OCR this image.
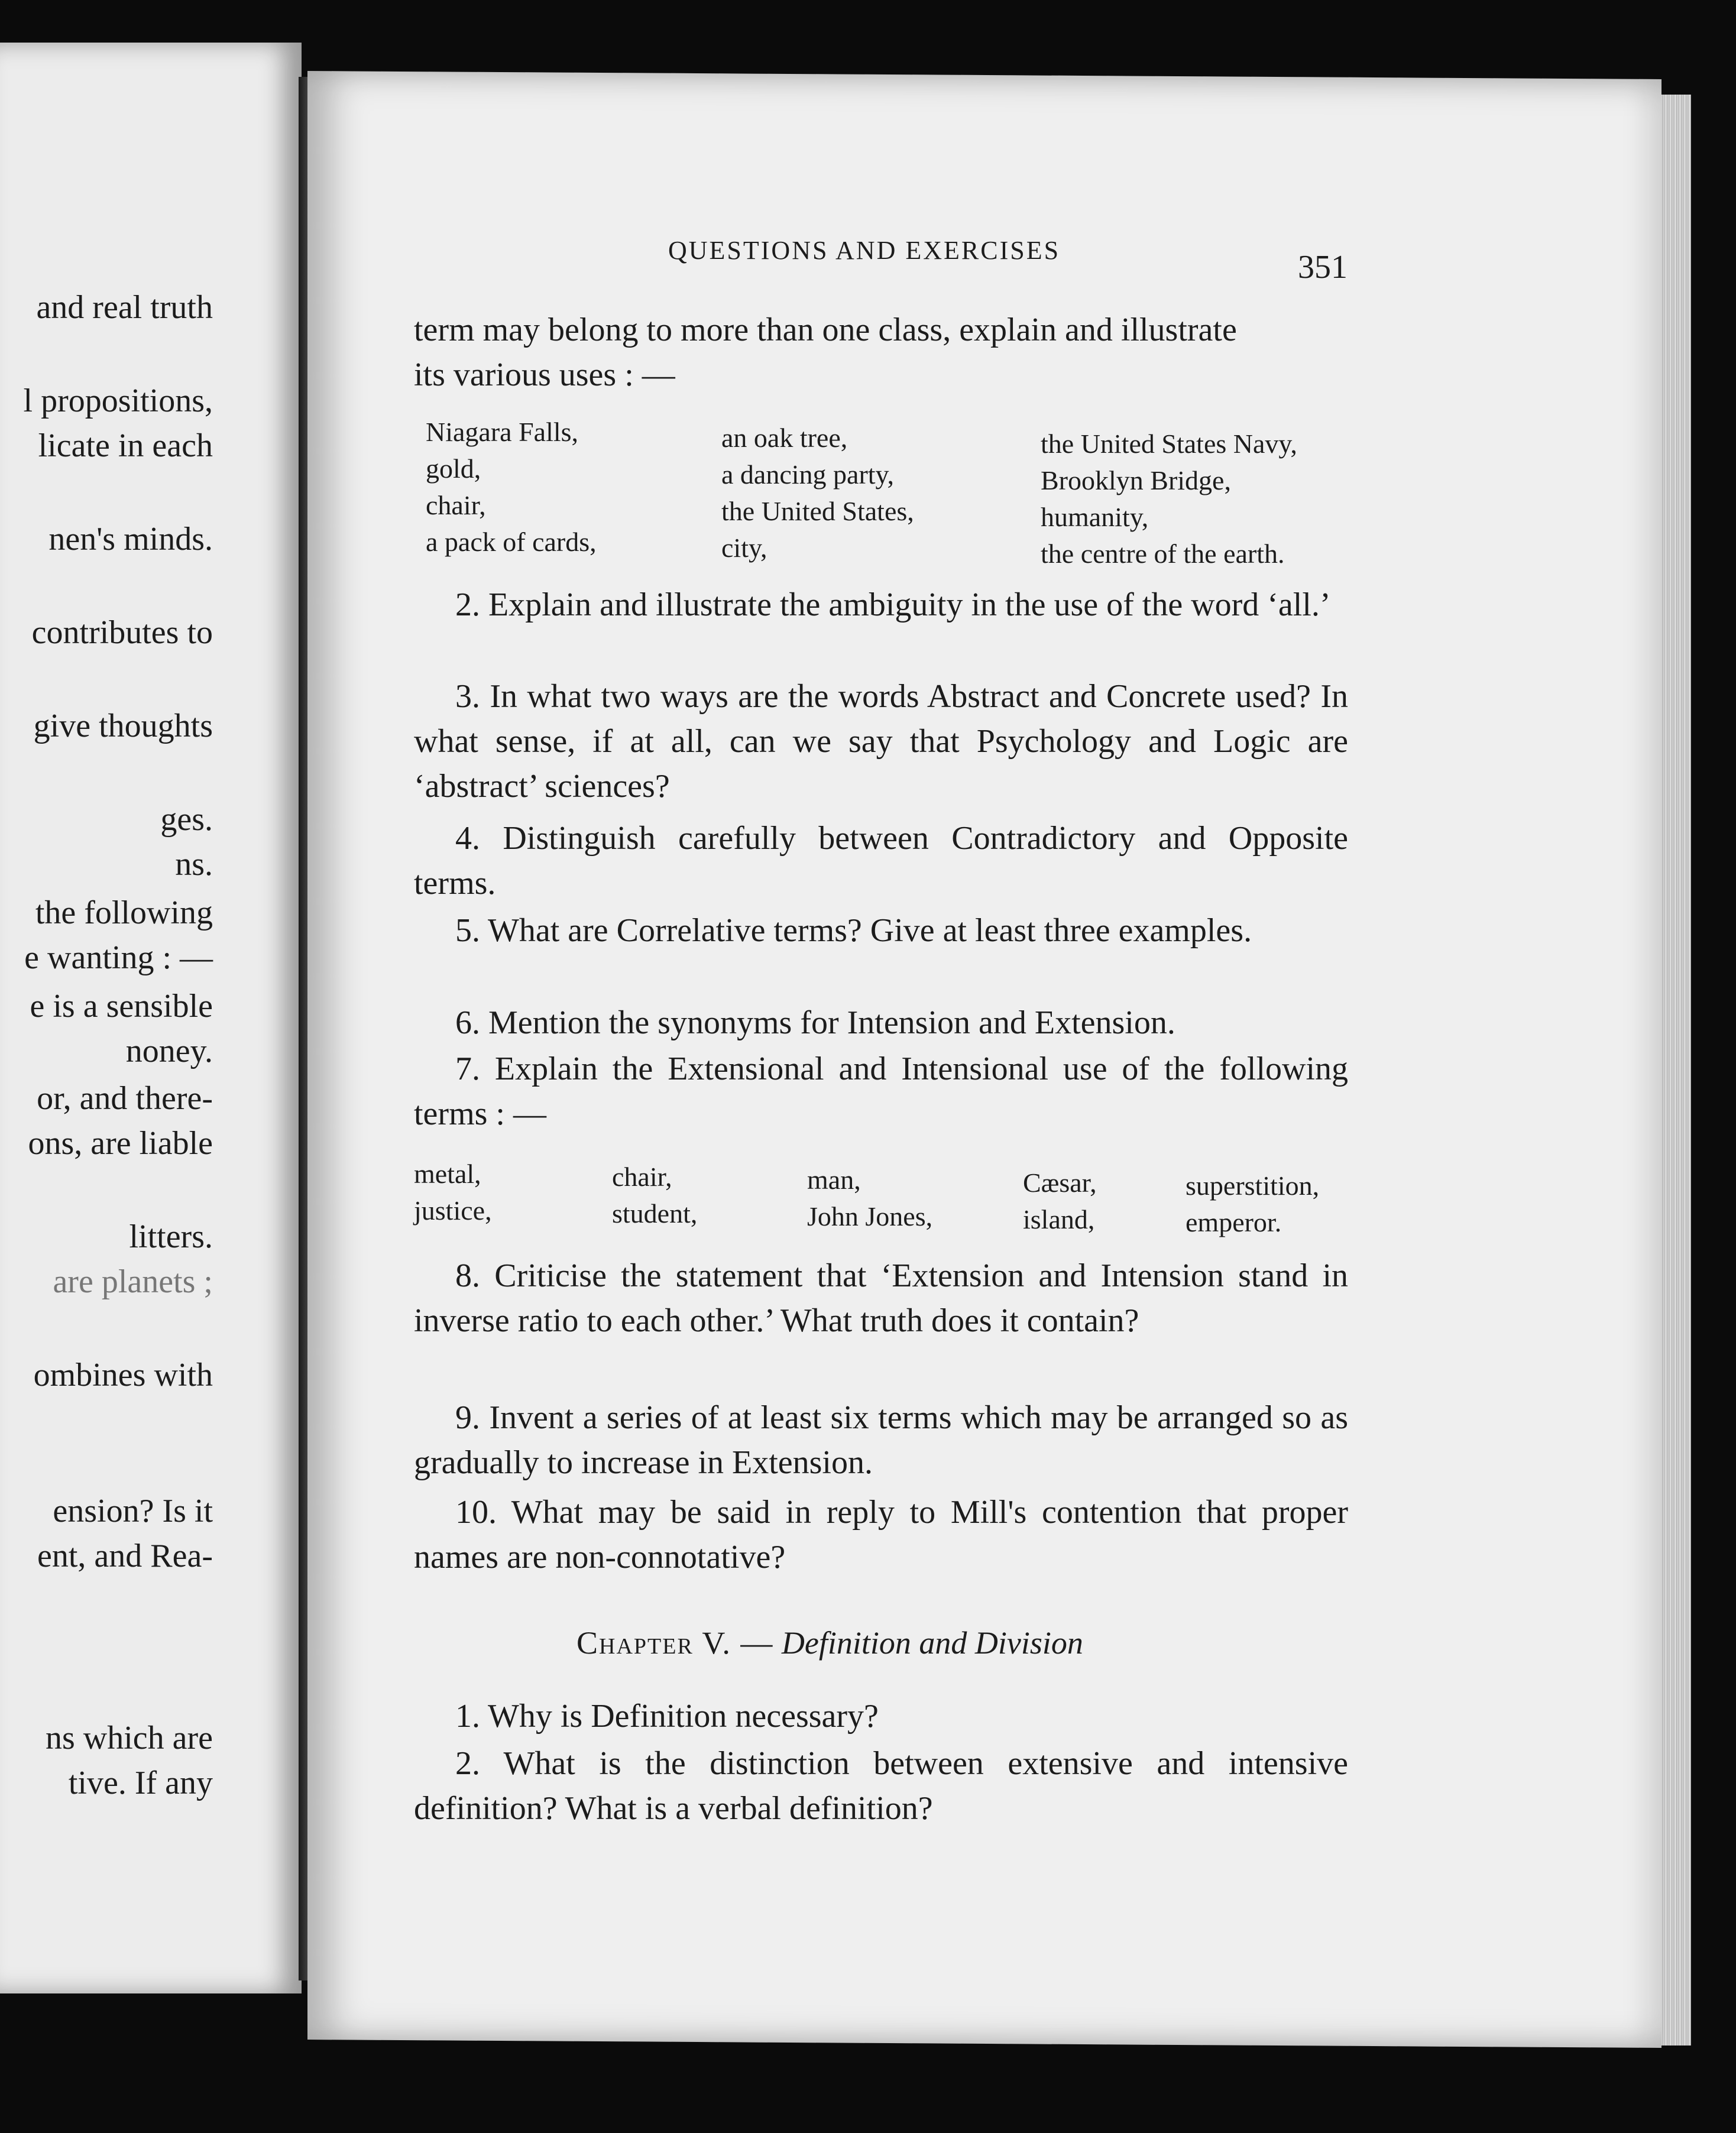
and real truth
l propositions,
licate in each
nen's minds.
contributes to
give thoughts
ges.
ns.
the following
e wanting : —
e is a sensible
noney.
or, and there-
ons, are liable
litters.
are planets ;
ombines with
ension? Is it
ent, and Rea-
ns which are
tive. If any
QUESTIONS AND EXERCISES	351
term may belong to more than one class, explain and illustrate
its various uses : —
Niagara Falls,
gold,
chair,
a pack of cards,
an oak tree,
a dancing party,
the United States,
city,
the United States Navy,
Brooklyn Bridge,
humanity,
the centre of the earth.
2. Explain and illustrate the ambiguity in the use of the word ‘all.’
3. In what two ways are the words Abstract and Concrete used? In what sense, if at all, can we say that Psychology and Logic are ‘abstract’ sciences?
4. Distinguish carefully between Contradictory and Opposite terms.
5. What are Correlative terms? Give at least three examples.
6. Mention the synonyms for Intension and Extension.
7. Explain the Extensional and Intensional use of the following terms : —
metal,
justice,
chair,
student,
man,
John Jones,
Cæsar,
island,
superstition,
emperor.
8. Criticise the statement that ‘Extension and Intension stand in inverse ratio to each other.’ What truth does it contain?
9. Invent a series of at least six terms which may be arranged so as gradually to increase in Extension.
10. What may be said in reply to Mill's contention that proper names are non-connotative?
Chapter V. — Definition and Division
1. Why is Definition necessary?
2. What is the distinction between extensive and intensive definition? What is a verbal definition?
